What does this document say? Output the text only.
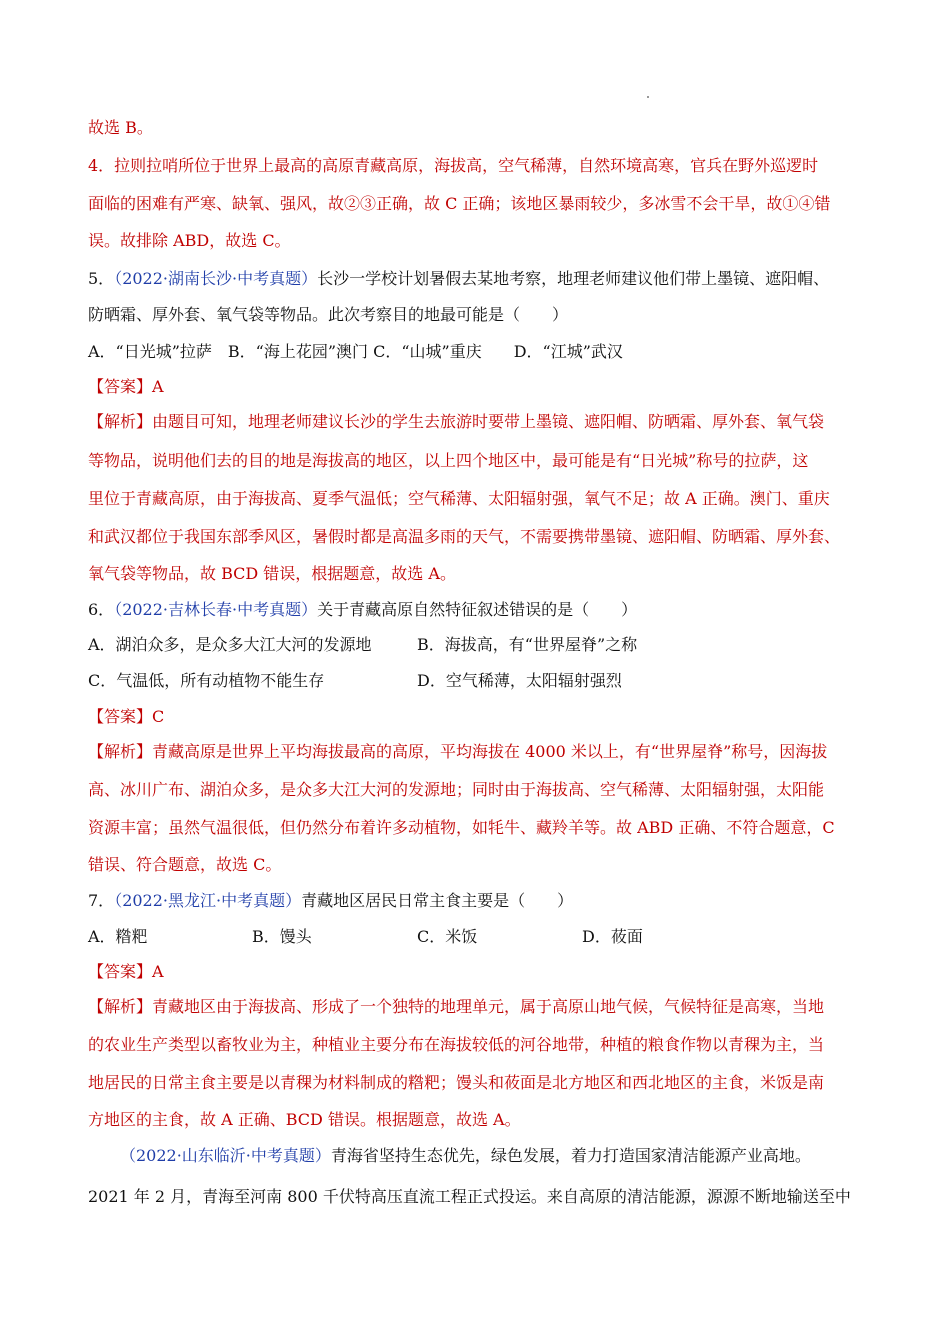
故选 B。
4．拉则拉哨所位于世界上最高的高原青藏高原，海拔高，空气稀薄，自然环境高寒，官兵在野外巡逻时
面临的困难有严寒、缺氧、强风，故②③正确，故 C 正确；该地区暴雨较少，多冰雪不会干旱，故①④错
误。故排除 ABD，故选 C。
5．（2022·湖南长沙·中考真题）长沙一学校计划暑假去某地考察，地理老师建议他们带上墨镜、遮阳帽、
防晒霜、厚外套、氧气袋等物品。此次考察目的地最可能是（　　）
A．“日光城”拉萨　B．“海上花园”澳门 C．“山城”重庆　　D．“江城”武汉
【答案】A
【解析】由题目可知，地理老师建议长沙的学生去旅游时要带上墨镜、遮阳帽、防晒霜、厚外套、氧气袋
等物品，说明他们去的目的地是海拔高的地区，以上四个地区中，最可能是有“日光城”称号的拉萨，这
里位于青藏高原，由于海拔高、夏季气温低；空气稀薄、太阳辐射强，氧气不足；故 A 正确。澳门、重庆
和武汉都位于我国东部季风区，暑假时都是高温多雨的天气，不需要携带墨镜、遮阳帽、防晒霜、厚外套、
氧气袋等物品，故 BCD 错误，根据题意，故选 A。
6．（2022·吉林长春·中考真题）关于青藏高原自然特征叙述错误的是（　　）
A．湖泊众多，是众多大江大河的发源地	B．海拔高，有“世界屋脊”之称
C．气温低，所有动植物不能生存	D．空气稀薄，太阳辐射强烈
【答案】C
【解析】青藏高原是世界上平均海拔最高的高原，平均海拔在 4000 米以上，有“世界屋脊”称号，因海拔
高、冰川广布、湖泊众多，是众多大江大河的发源地；同时由于海拔高、空气稀薄、太阳辐射强，太阳能
资源丰富；虽然气温很低，但仍然分布着许多动植物，如牦牛、藏羚羊等。故 ABD 正确、不符合题意，C
错误、符合题意，故选 C。
7．（2022·黑龙江·中考真题）青藏地区居民日常主食主要是（　　）
A．糌粑	B．馒头	C．米饭	D．莜面
【答案】A
【解析】青藏地区由于海拔高、形成了一个独特的地理单元，属于高原山地气候，气候特征是高寒，当地
的农业生产类型以畜牧业为主，种植业主要分布在海拔较低的河谷地带，种植的粮食作物以青稞为主，当
地居民的日常主食主要是以青稞为材料制成的糌粑；馒头和莜面是北方地区和西北地区的主食，米饭是南
方地区的主食，故 A 正确、BCD 错误。根据题意，故选 A。
（2022·山东临沂·中考真题）青海省坚持生态优先，绿色发展，着力打造国家清洁能源产业高地。
2021 年 2 月，青海至河南 800 千伏特高压直流工程正式投运。来自高原的清洁能源，源源不断地输送至中
